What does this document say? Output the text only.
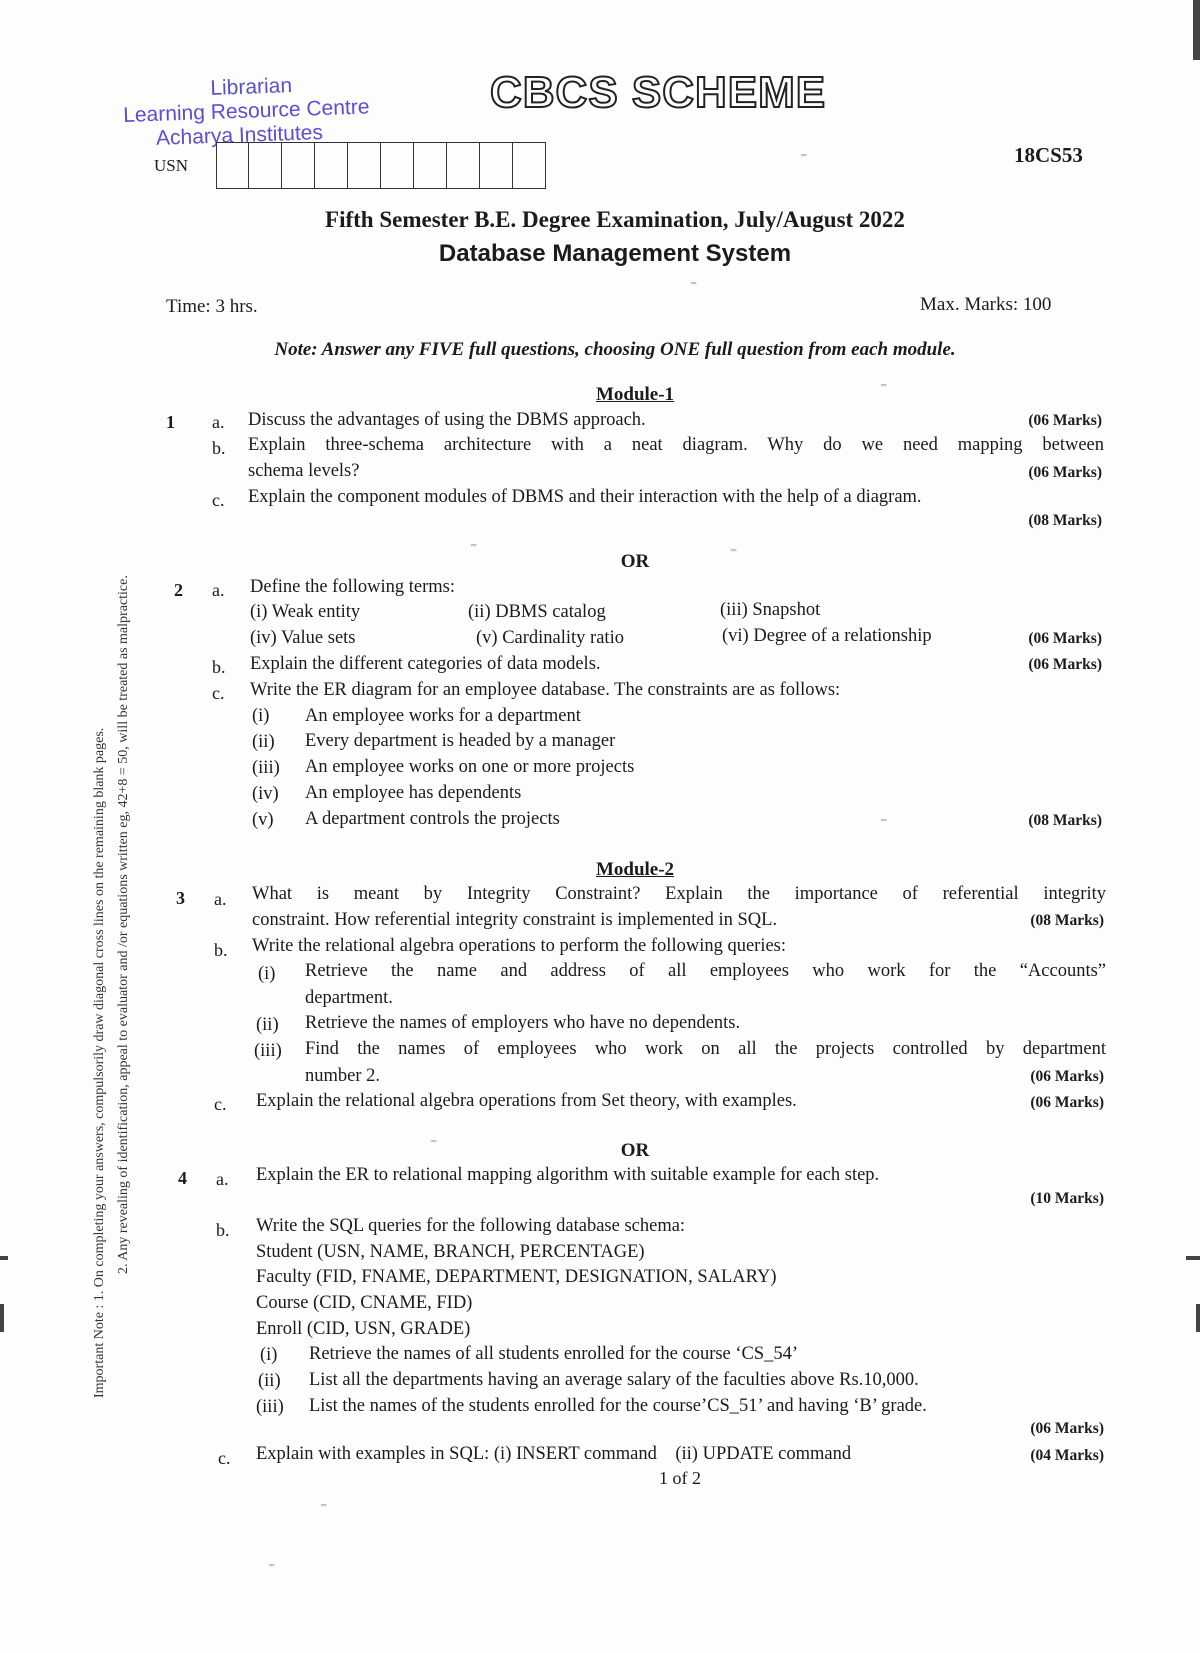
Librarian
Learning Resource Centre
Acharya Institutes
CBCS SCHEME
USN	18CS53
Fifth Semester B.E. Degree Examination, July/August 2022
Database Management System
Time: 3 hrs.	Max. Marks: 100
Note: Answer any FIVE full questions, choosing ONE full question from each module.
Important Note : 1. On completing your answers, compulsorily draw diagonal cross lines on the remaining blank pages. 2. Any revealing of identification, appeal to evaluator and /or equations written eg, 42+8 = 50, will be treated as malpractice.
Module-1
1 a. Discuss the advantages of using the DBMS approach.	(06 Marks)
b. Explain three-schema architecture with a neat diagram. Why do we need mapping between
schema levels?	(06 Marks)
c. Explain the component modules of DBMS and their interaction with the help of a diagram.
(08 Marks)
OR
2 a. Define the following terms:
(i) Weak entity	(ii) DBMS catalog	(iii) Snapshot
(iv) Value sets	(v) Cardinality ratio	(vi) Degree of a relationship	(06 Marks)
b. Explain the different categories of data models.	(06 Marks)
c. Write the ER diagram for an employee database. The constraints are as follows:
(i) An employee works for a department
(ii) Every department is headed by a manager
(iii) An employee works on one or more projects
(iv) An employee has dependents
(v) A department controls the projects	(08 Marks)
Module-2
3 a. What is meant by Integrity Constraint? Explain the importance of referential integrity
constraint. How referential integrity constraint is implemented in SQL.	(08 Marks)
b. Write the relational algebra operations to perform the following queries:
(i) Retrieve the name and address of all employees who work for the “Accounts”
department.
(ii) Retrieve the names of employers who have no dependents.
(iii) Find the names of employees who work on all the projects controlled by department
number 2.	(06 Marks)
c. Explain the relational algebra operations from Set theory, with examples.	(06 Marks)
OR
4 a. Explain the ER to relational mapping algorithm with suitable example for each step.
(10 Marks)
b. Write the SQL queries for the following database schema:
Student (USN, NAME, BRANCH, PERCENTAGE)
Faculty (FID, FNAME, DEPARTMENT, DESIGNATION, SALARY)
Course (CID, CNAME, FID)
Enroll (CID, USN, GRADE)
(i) Retrieve the names of all students enrolled for the course ‘CS_54’
(ii) List all the departments having an average salary of the faculties above Rs.10,000.
(iii) List the names of the students enrolled for the course’CS_51’ and having ‘B’ grade.
(06 Marks)
c. Explain with examples in SQL: (i) INSERT command    (ii) UPDATE command	(04 Marks)
1 of 2
⁼
⁼
⁼
⁼	⁼
⁼
⁼
⁼
⁼
